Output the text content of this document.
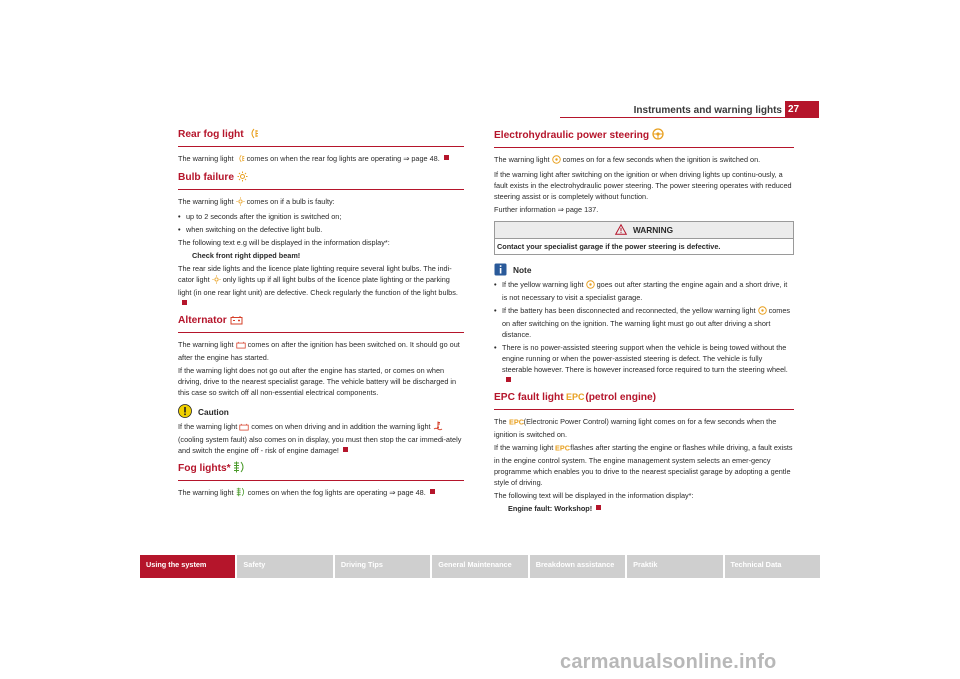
Instruments and warning lights 27
Rear fog light

The warning light comes on when the rear fog lights are operating ⇒ page 48.

Bulb failure

The warning light comes on if a bulb is faulty:

• up to 2 seconds after the ignition is switched on;

• when switching on the defective light bulb.

The following text e.g will be displayed in the information display*:

Check front right dipped beam!

The rear side lights and the licence plate lighting require several light bulbs. The indi-cator light only lights up if all light bulbs of the licence plate lighting or the parking light (in one rear light unit) are defective. Check regularly the function of the light bulbs.

Alternator

The warning light comes on after the ignition has been switched on. It should go out after the engine has started.

If the warning light does not go out after the engine has started, or comes on when driving, drive to the nearest specialist garage. The vehicle battery will be discharged in this case so switch off all non-essential electrical components.

Caution

If the warning light comes on when driving and in addition the warning light  (cooling system fault) also comes on in display, you must then stop the car immedi-ately and switch the engine off - risk of engine damage!

Fog lights*

The warning light comes on when the fog lights are operating ⇒ page 48.

Electrohydraulic power steering

The warning light comes on for a few seconds when the ignition is switched on.

If the warning light after switching on the ignition or when driving lights up continu-ously, a fault exists in the electrohydraulic power steering. The power steering operates with reduced steering assist or is completely without function.

Further information ⇒ page 137.

WARNING
Contact your specialist garage if the power steering is defective.
Note

• If the yellow warning light goes out after starting the engine again and a short drive, it is not necessary to visit a specialist garage.

• If the battery has been disconnected and reconnected, the yellow warning light comes on after switching on the ignition. The warning light must go out after driving a short distance.

• There is no power-assisted steering support when the vehicle is being towed without the engine running or when the power-assisted steering is defect. The vehicle is fully steerable however. There is however increased force required to turn the steering wheel.

EPC fault light EPC (petrol engine)

The EPC (Electronic Power Control) warning light comes on for a few seconds when the ignition is switched on.

If the warning light EPC flashes after starting the engine or flashes while driving, a fault exists in the engine control system. The engine management system selects an emer-gency programme which enables you to drive to the nearest specialist garage by adopting a gentle style of driving.

The following text will be displayed in the information display*:

Engine fault: Workshop!

Using the system	Safety	Driving Tips	General Maintenance	Breakdown assistance	Praktik	Technical Data
carmanualsonline.info
